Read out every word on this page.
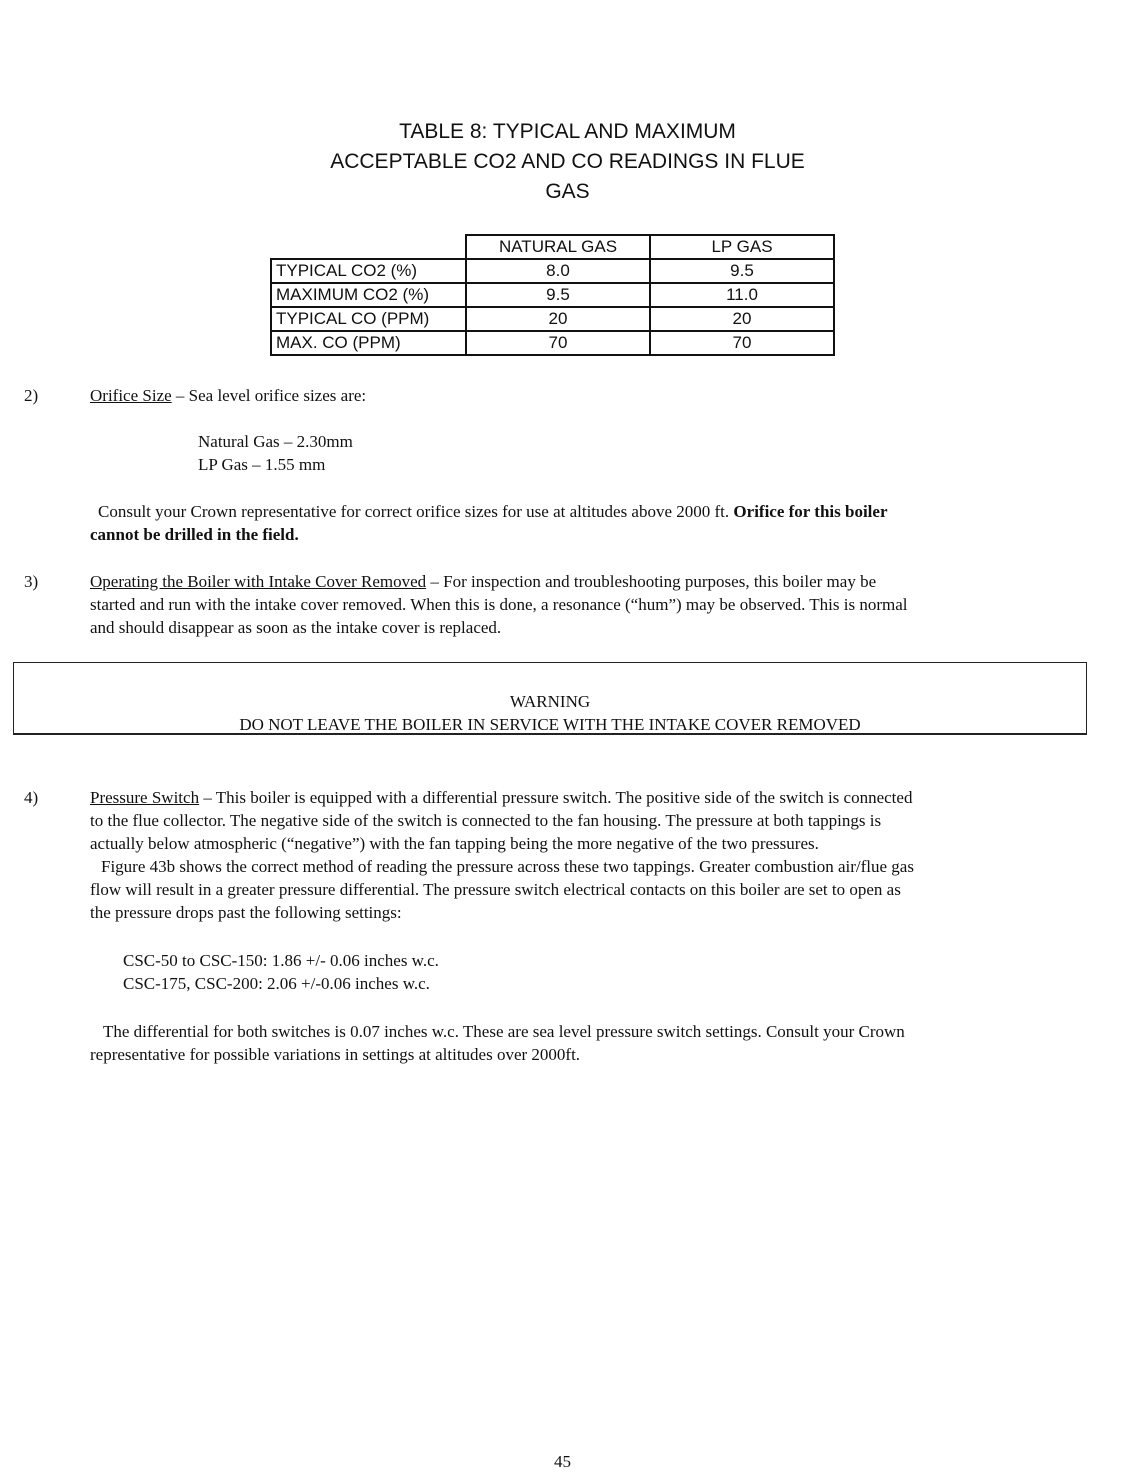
TABLE 8: TYPICAL AND MAXIMUM
ACCEPTABLE CO2 AND CO READINGS IN FLUE
GAS
	NATURAL GAS	LP GAS
TYPICAL CO2 (%)	8.0	9.5
MAXIMUM CO2 (%)	9.5	11.0
TYPICAL CO (PPM)	20	20
MAX. CO (PPM)	70	70
2)	Orifice Size – Sea level orifice sizes are:
Natural Gas – 2.30mm
LP Gas – 1.55 mm
Consult your Crown representative for correct orifice sizes for use at altitudes above 2000 ft. Orifice for this boiler
cannot be drilled in the field.
3)	Operating the Boiler with Intake Cover Removed – For inspection and troubleshooting purposes, this boiler may be
started and run with the intake cover removed. When this is done, a resonance (“hum”) may be observed. This is normal
and should disappear as soon as the intake cover is replaced.
WARNING
DO NOT LEAVE THE BOILER IN SERVICE WITH THE INTAKE COVER REMOVED
4)	Pressure Switch – This boiler is equipped with a differential pressure switch. The positive side of the switch is connected
to the flue collector. The negative side of the switch is connected to the fan housing. The pressure at both tappings is
actually below atmospheric (“negative”) with the fan tapping being the more negative of the two pressures.
Figure 43b shows the correct method of reading the pressure across these two tappings. Greater combustion air/flue gas
flow will result in a greater pressure differential. The pressure switch electrical contacts on this boiler are set to open as
the pressure drops past the following settings:
CSC-50 to CSC-150: 1.86 +/- 0.06 inches w.c.
CSC-175, CSC-200: 2.06 +/-0.06 inches w.c.
The differential for both switches is 0.07 inches w.c. These are sea level pressure switch settings. Consult your Crown
representative for possible variations in settings at altitudes over 2000ft.
45
